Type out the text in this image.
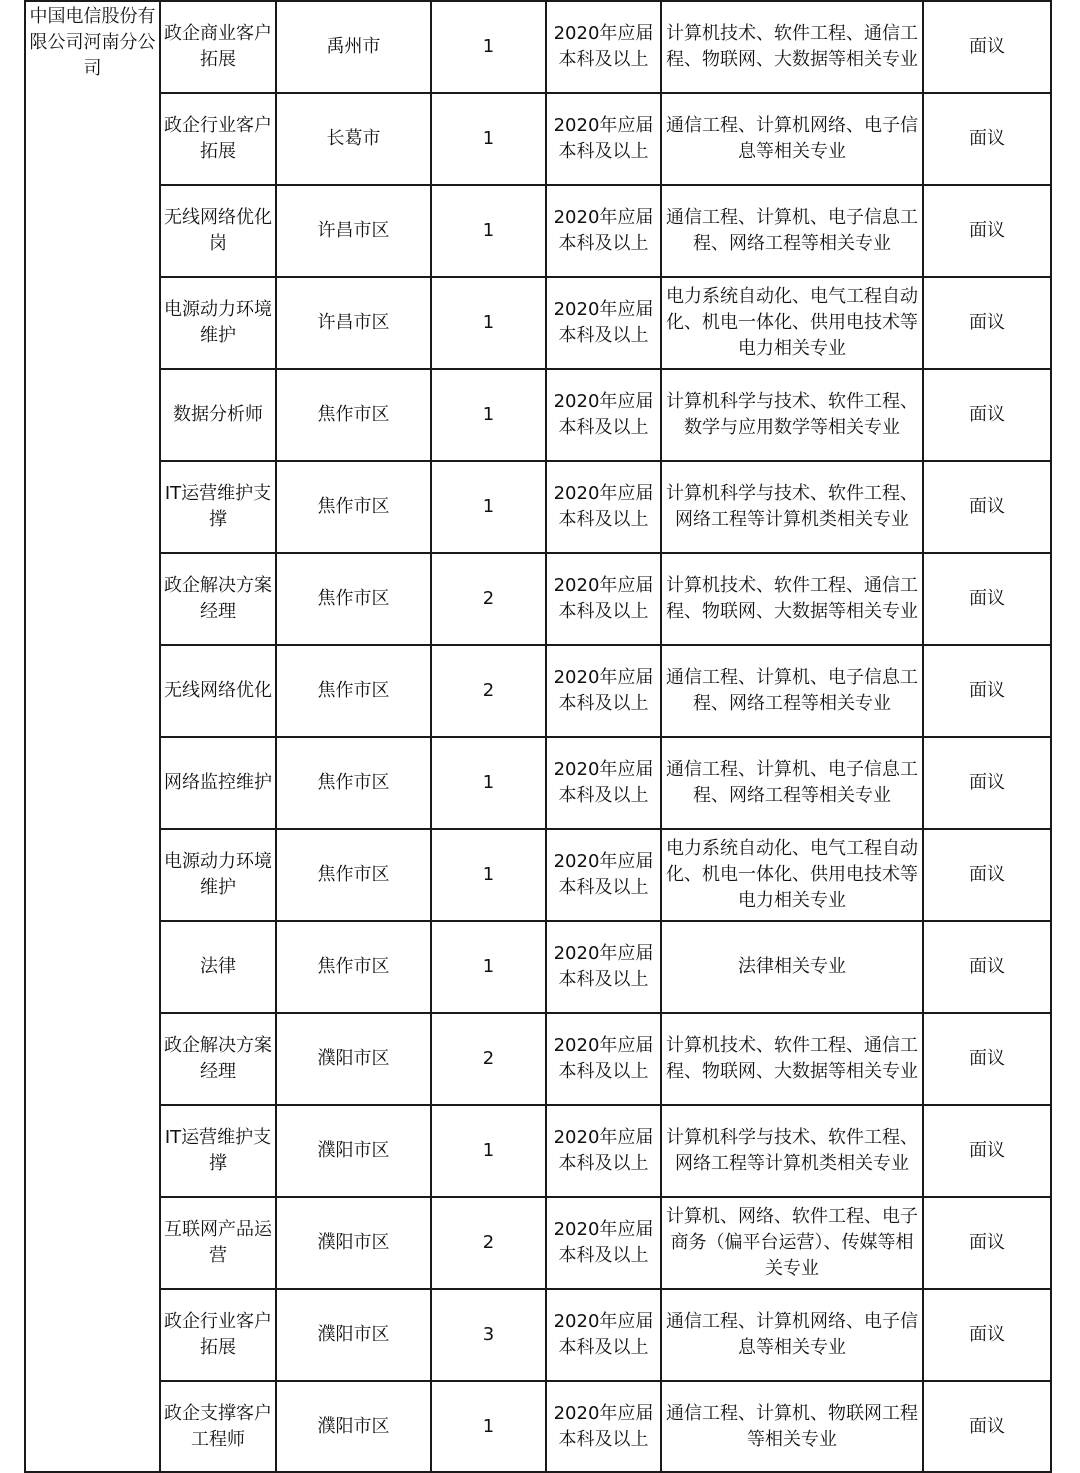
中国电信股份有限公司河南分公司	政企商业客户拓展	禹州市	1	2020年应届本科及以上	计算机技术、软件工程、通信工程、物联网、大数据等相关专业	面议
	政企行业客户拓展	长葛市	1	2020年应届本科及以上	通信工程、计算机网络、电子信息等相关专业	面议
	无线网络优化岗	许昌市区	1	2020年应届本科及以上	通信工程、计算机、电子信息工程、网络工程等相关专业	面议
	电源动力环境维护	许昌市区	1	2020年应届本科及以上	电力系统自动化、电气工程自动化、机电一体化、供用电技术等电力相关专业	面议
	数据分析师	焦作市区	1	2020年应届本科及以上	计算机科学与技术、软件工程、数学与应用数学等相关专业	面议
	IT运营维护支撑	焦作市区	1	2020年应届本科及以上	计算机科学与技术、软件工程、网络工程等计算机类相关专业	面议
	政企解决方案经理	焦作市区	2	2020年应届本科及以上	计算机技术、软件工程、通信工程、物联网、大数据等相关专业	面议
	无线网络优化	焦作市区	2	2020年应届本科及以上	通信工程、计算机、电子信息工程、网络工程等相关专业	面议
	网络监控维护	焦作市区	1	2020年应届本科及以上	通信工程、计算机、电子信息工程、网络工程等相关专业	面议
	电源动力环境维护	焦作市区	1	2020年应届本科及以上	电力系统自动化、电气工程自动化、机电一体化、供用电技术等电力相关专业	面议
	法律	焦作市区	1	2020年应届本科及以上	法律相关专业	面议
	政企解决方案经理	濮阳市区	2	2020年应届本科及以上	计算机技术、软件工程、通信工程、物联网、大数据等相关专业	面议
	IT运营维护支撑	濮阳市区	1	2020年应届本科及以上	计算机科学与技术、软件工程、网络工程等计算机类相关专业	面议
	互联网产品运营	濮阳市区	2	2020年应届本科及以上	计算机、网络、软件工程、电子商务（偏平台运营）、传媒等相关专业	面议
	政企行业客户拓展	濮阳市区	3	2020年应届本科及以上	通信工程、计算机网络、电子信息等相关专业	面议
	政企支撑客户工程师	濮阳市区	1	2020年应届本科及以上	通信工程、计算机、物联网工程等相关专业	面议
